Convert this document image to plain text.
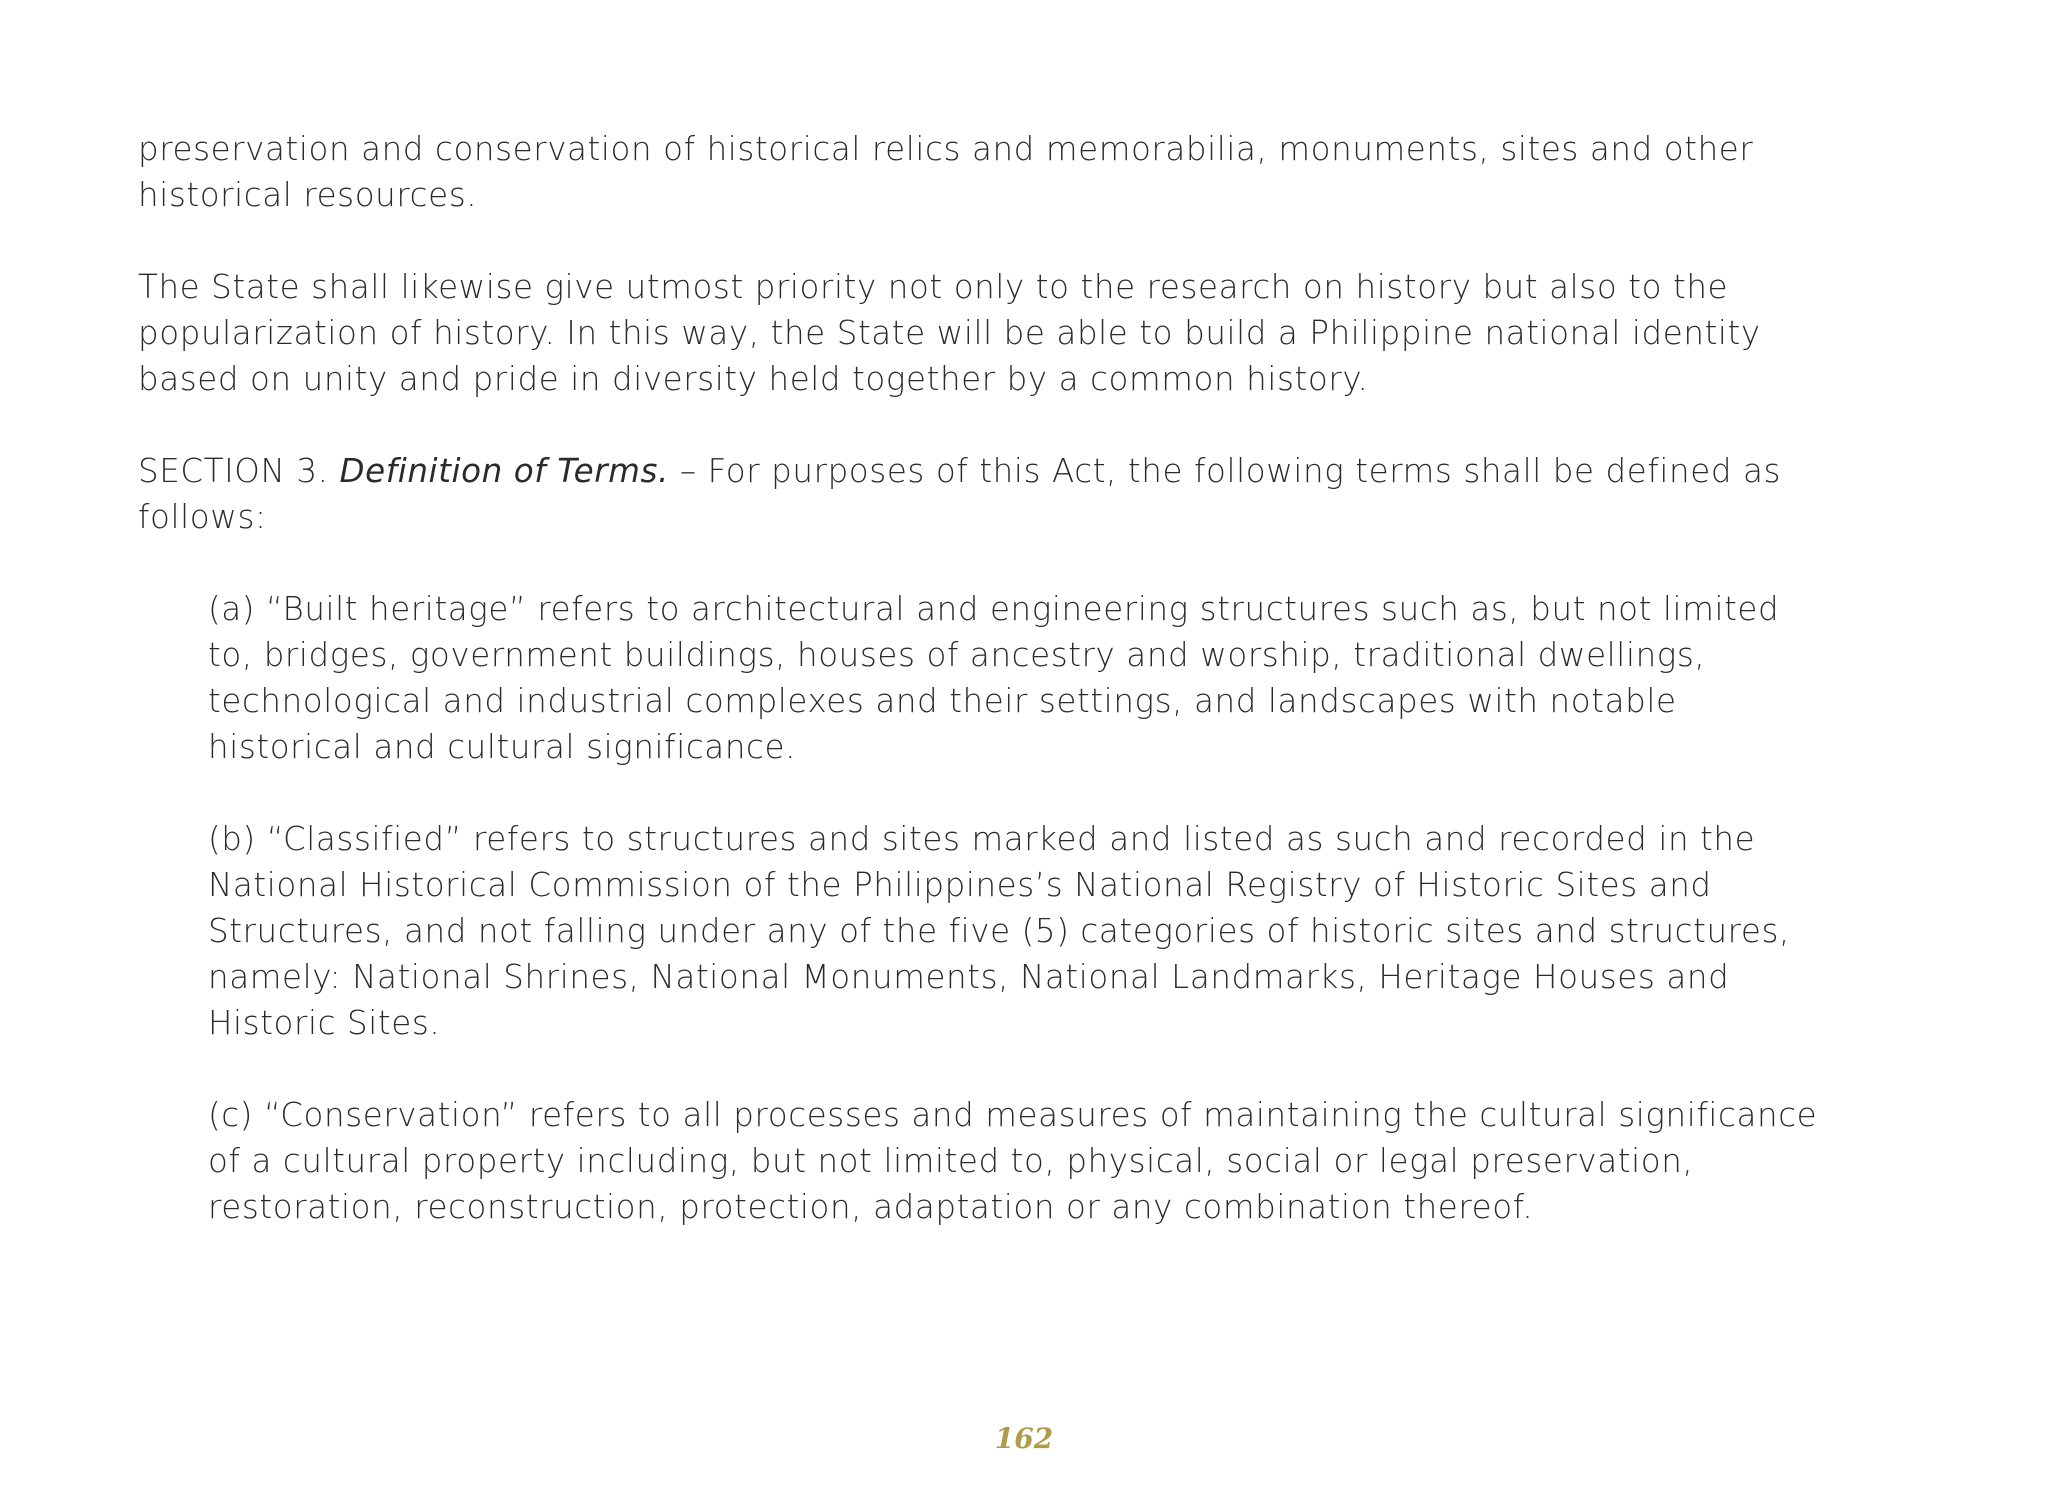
preservation and conservation of historical relics and memorabilia, monuments, sites and other historical resources.

The State shall likewise give utmost priority not only to the research on history but also to the popularization of history. In this way, the State will be able to build a Philippine national identity based on unity and pride in diversity held together by a common history.

SECTION 3. Definition of Terms. – For purposes of this Act, the following terms shall be defined as follows:

(a) “Built heritage” refers to architectural and engineering structures such as, but not limited to, bridges, government buildings, houses of ancestry and worship, traditional dwellings, technological and industrial complexes and their settings, and landscapes with notable historical and cultural significance.

(b) “Classified” refers to structures and sites marked and listed as such and recorded in the National Historical Commission of the Philippines’s National Registry of Historic Sites and Structures, and not falling under any of the five (5) categories of historic sites and structures, namely: National Shrines, National Monuments, National Landmarks, Heritage Houses and Historic Sites.

(c) “Conservation” refers to all processes and measures of maintaining the cultural significance of a cultural property including, but not limited to, physical, social or legal preservation, restoration, reconstruction, protection, adaptation or any combination thereof.

162
